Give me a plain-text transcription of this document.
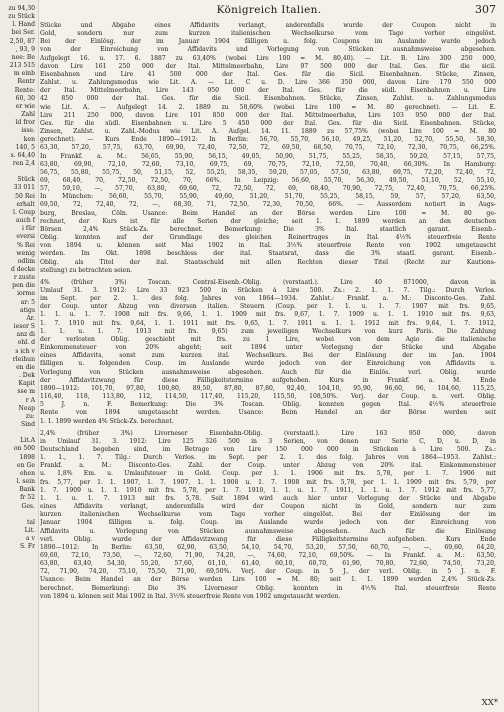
zu 94,30
zu Stück
l. Hand
bei Ser.
2,50, 87
, 93, 9
nee: Be
213 515
m einb
Rentr
Rente:
60, 30
er wie
Zahl
ld fror
isse.
ken
140, 5
s. 64,40
ren 2,4

Stück
33 011
50 Rei
erhalt
l. Coup
auch f
i für
eversi
% Rei
wenig
odlim
d decke
r zuste
pen die
iorme
ar: 5
atigs
Ar.
ieser S
anz di
ohl. d
s ich v
rleihun
en die
. Dek
Kapit
sse m
r A
Neap
zu:
Sind

Lit.A
on 500
1898
en Ge
ehen
l. sein
Bank
fr 52
Ges.

tal
Lit.
a v
S. Fr
Königreich Italien.	307
Stücke und Abgabe eines Affidavits verlangt, anderenfalls wurde der Coupon nicht in
Gold, sondern nur zum kurzen italienischen Wechselkurse vom Tage vorher eingelöst.
Bei der Einlösg. der im Januar 1904 fälligen u. folg. Coupons im Auslande wurde jedoch
von der Einreichung von Affidavits und Vorlegung von Stücken ausnahmsweise abgesehen.
Aufgelegt 16. u. 17. 6. 1887 zu 63,40% (wobei Lire 100 = M. 80,40). — Lit. B. Lire 300 250 000,
davon Lire 161 250 000 der Ital. Mittelmeerbahn, Lire 97 500 000 der Ital. Ges. für die sicil.
Eisenbahnen und Lire 41 500 000 der Ital. Ges. für die Sicil. Eisenbahnen. Stücke, Zinsen,
Zahlst. u. Zahlungsmodus wie Lit. A. — Lit. C u. D. Lire 366 350 000, davon Lire 179 550 000
der Ital. Mittelmeerbahn, Lire 143 950 000 der Ital. Ges. für die südl. Eisenbahnen u. Lire
42 850 000 der Ital. Ges. für die Sicil. Eisenbahnen. Stücke, Zinsen, Zahlst. u. Zahlungsmodus
wie Lit. A. — Aufgelegt 14. 2. 1889 zu 58,60% (wobei Lire 100 = M. 80 gerechnet). — Lit. E.
Lire 211 250 000, davon Lire 101 850 000 der Ital. Mittelmeerbahn, Lire 103 950 000 der Ital.
Ges. für die südl. Eisenbahnen u. Lire 5 450 000 der Ital. Ges. für die Sicil. Eisenbahnen. Stücke,
Zinsen, Zahlst. u. Zahl.-Modus wie Lit. A. Aufgel. 14. 11. 1889 zu 57,75% (wobei Lire 100 = M. 80
gerechnet). — Kurs Ende 1890—1912: In Berlin: 56,70, 55,70, 56,10, 49,25, 51,20, 52,70, 55,50, 58,30,
63,30, 57,20, 57,75, 63,70, 69,90, 72,40, 72,50, 72, 69,50, 68,50, 70,75, 72,10, 72,30, 70,75, 66,25%.
In Frankf. a. M.: 56,65, 55,90, 56,15, 49,05, 50,90, 51,75, 55,25, 58,35, 59,20, 57,15, 57,75,
63,80, 69,90, 72,10, 72,60, 73,10, 69,75, 69, 70,75, 72,10, 72,50, 70,40, 66,30%. In Hamburg:
56,75, 55,80, 55,75, 50, 51,15, 52, 55,25, 58,35, 59,20, 57,05, 57,50, 63,80, 69,75, 72,20, 72,40, 72,
69, 68,40, 70, 72,50, 72,50, 70, 66%. In Leipzig: 56,60, 55,70, 56,30, 49,50, 51,10, 52, 55,10,
57, 59,10, —, 57,70, 63,80, 69,60, 72, 72,50, 72, 69, 68,40, 70,90, 72,75, 72,40, 70,75, 66,25%.
In München: 56,60, 55,70, 55,90, 49,60, 51,20, 51,70, 55,25, 58,15, 59, 57, 57,20, 63,50,
69,50, 72, 72,40, 72, —, 68,30, 71, 72,50, 72,30, 70,50, 66%. — Ausserdem notiert in Augs-
burg, Breslau, Cöln. Usance: Beim Handel an der Börse werden Lire 100 = M. 80 ge-
rechnet, der Kurs ist für alle Serien der gleiche; seit 1. 1. 1899 werden an den deutschen
Börsen 2,4% Stück-Zs. berechnet. Bemerkung: Die 3% Ital. staatlich garant. Eisenb.-
Oblig. konnten auf der Grundlage des gleichen Reinertrages in Ital. 4½% steuerfreie Rente
von 1894 u. können seit Mai 1902 in Ital. 3½% steuerfreie Rente von 1902 umgetauscht
werden. Im Okt. 1898 beschloss der ital. Staatsrat, dass die 3% staatl. garant. Eisenb.-
Oblig. als Titel der ital. Staatsschuld mit allen Rechten dieser Titel (Recht zur Kautions-
stellung) zu betrachten seien.
4% (früher 3%) Toscan. Central-Eisenb.-Oblig. (verstaatl.). Lire 40 871000, davon in
Umlauf 31. 3. 1912: Lire 33 923 500 in Stücken à Lire 500. Zs.: 2. 1. 1. 7. Tilg.: Durch Verlos.
im Sept. per 2. 1. des folg. Jahres von 1864—1934. Zahlst.: Frankf. a. M.: Disconto-Ges. Zahl.
der Coup. unter Abzug von diversen italien. Steuern (Coup. per 1. 1. u. 1. 7. 1907 mit frs. 9,65,
1. 1. u. 1. 7. 1908 mit frs. 9,66, 1. 1. 1909 mit frs. 9,67, 1. 7. 1909 u. 1. 1. 1910 mit frs. 9,63,
1. 7. 1910 mit frs. 9,64, 1. 1. 1911 mit frs. 9,65, 1. 7. 1911 u. 1. 1. 1912 mit frs. 9,64, 1. 7. 1912,
1. 1. u. 1. 7. 1913 mit frs. 9,65) zum jeweiligen Wechselkurs von kurz Paris. Die Zahlung
der verlosten Oblig. geschieht mit frs. zu 1 Lire, wobei von dem Agio die italienische
Einkommensteuer von 20% abgeht; seit 1894 unter Vorlegung der Stücke und Abgabe
eines Affidavits, sonst zum kurzen ital. Wechselkurs. Bei der Einlösung der im Jan. 1904
fälligen u. folgenden Coup. im Auslande wurde jedoch von der Einreichung von Affidavits u.
Vorlegung von Stücken ausnahmsweise abgesehen. Auch für die Einlös. verl. Oblig. wurde
der Affidavitzwang für diese Fälligkeitstermine aufgehoben. Kurs in Frankf. a. M. Ende
1890—1912: 101,70, 97,80, 100,80, 89,50, 87,80, 87,80, 92,40, 104,10, 95,90, 96,60, 96, 104,60, 115,25,
116,40, 118, 113,80, 112, 114,50, 117,40, 115,20, 115,50, 108,50%. Verj. der Coup. n. verl. Oblig.
5 J. n. F. Bemerkung: Die 3% Toscan. Oblig. konnten gegen Ital. 4½% steuerfreie
Rente von 1894 umgetauscht werden. Usance: Beim Handel an der Börse werden seit
1. 1. 1899 werden 4% Stück-Zs. berechnet.
2,4% (früher 3%) Livorneser Eisenbahn-Oblig. (verstaatl.). Lire 163 950 000, davon
in Umlauf 31. 3. 1912: Lire 125 326 500 in 3 Serien, von denen nur Serie C, D, u. D, in
Deutschland begeben sind, im Betrage von Lire 150 000 000 in Stücken à Lire 500. Zs.:
1. 1., 1. 7. Tilg.: Durch Verlos. im Sept. per 2. 1. des folg. Jahres von 1864—1953. Zahlst.:
Frankf. a. M.: Disconto-Ges. Zahl. der Coup. unter Abzug von 20% ital. Einkommensteuer
u. 1,8% Em. u. Umlaufsteuer in Gold. Coup. per 1. 1. 1906 mit frs. 5,78, per 1. 7. 1906 mit
frs. 5,77, per 1. 1. 1907, 1. 7. 1907, 1. 1. 1908 u. 1. 7. 1908 mit frs. 5,78, per 1. 1. 1909 mit frs. 5,79, per
1. 7. 1909 u. 1. 1. 1910 mit frs. 5,78, per 1. 7. 1910, 1. 1. u. 1. 7. 1911, 1. 1. u. 1. 7. 1912 mit frs. 5,77,
1. 1. u. 1. 7. 1913 mit frs. 5,78. Seit 1894 wird auch hier unter Vorlegung der Stücke und Abgabe
eines Affidavits verlangt, anderenfalls wird der Coupon nicht in Gold, sondern nur zum
kurzen italienischen Wechselkurse vom Tage vorher eingelöst. Bei der Einlösung der im
Januar 1904 fälligen u. folg. Coup. im Auslande wurde jedoch von der Einreichung von
Affidavits u. Vorlegung von Stücken ausnahmsweise abgesehen. Auch für die Einlösung
verl. Oblig. wurde der Affidavitzwang für diese Fälligkeitstermine aufgehoben. Kurs Ende
1890—1912: In Berlin: 63,50, 62,90, 63,50, 54,10, 54,70, 53,20, 57,50, 60,70, —, —, 69,60, 64,20,
69,60, 72,10, 73,50, —, 72,60, 71,90, 74,20, —, 74,60, 72,10, 69,50%. — In Frankf. a. M.: 63,50,
63,80, 63,40, 54,30, 55,20, 57,60, 61,10, 61,40, 60,10, 60,70, 61,90, 70,80, 72,60, 74,50, 73,20,
72, 71,90, 74,20, 75,10, 75,50, 71,90, 69,50%. Verj. der Coup. in 5 J., der verl. Oblig. in 5 J. n. F.
Usance: Beim Handel an der Börse werden Lire 100 = M. 80; seit 1. 1. 1899 werden 2,4% Stück-Zs.
berechnet. Bemerkung: Die 3% Livorneser Oblig. konnten in 4½% Ital. steuerfreie Rente
von 1894 u. können seit Mai 1902 in Ital. 3½% steuerfreie Rente von 1902 umgetauscht werden.
XX*
